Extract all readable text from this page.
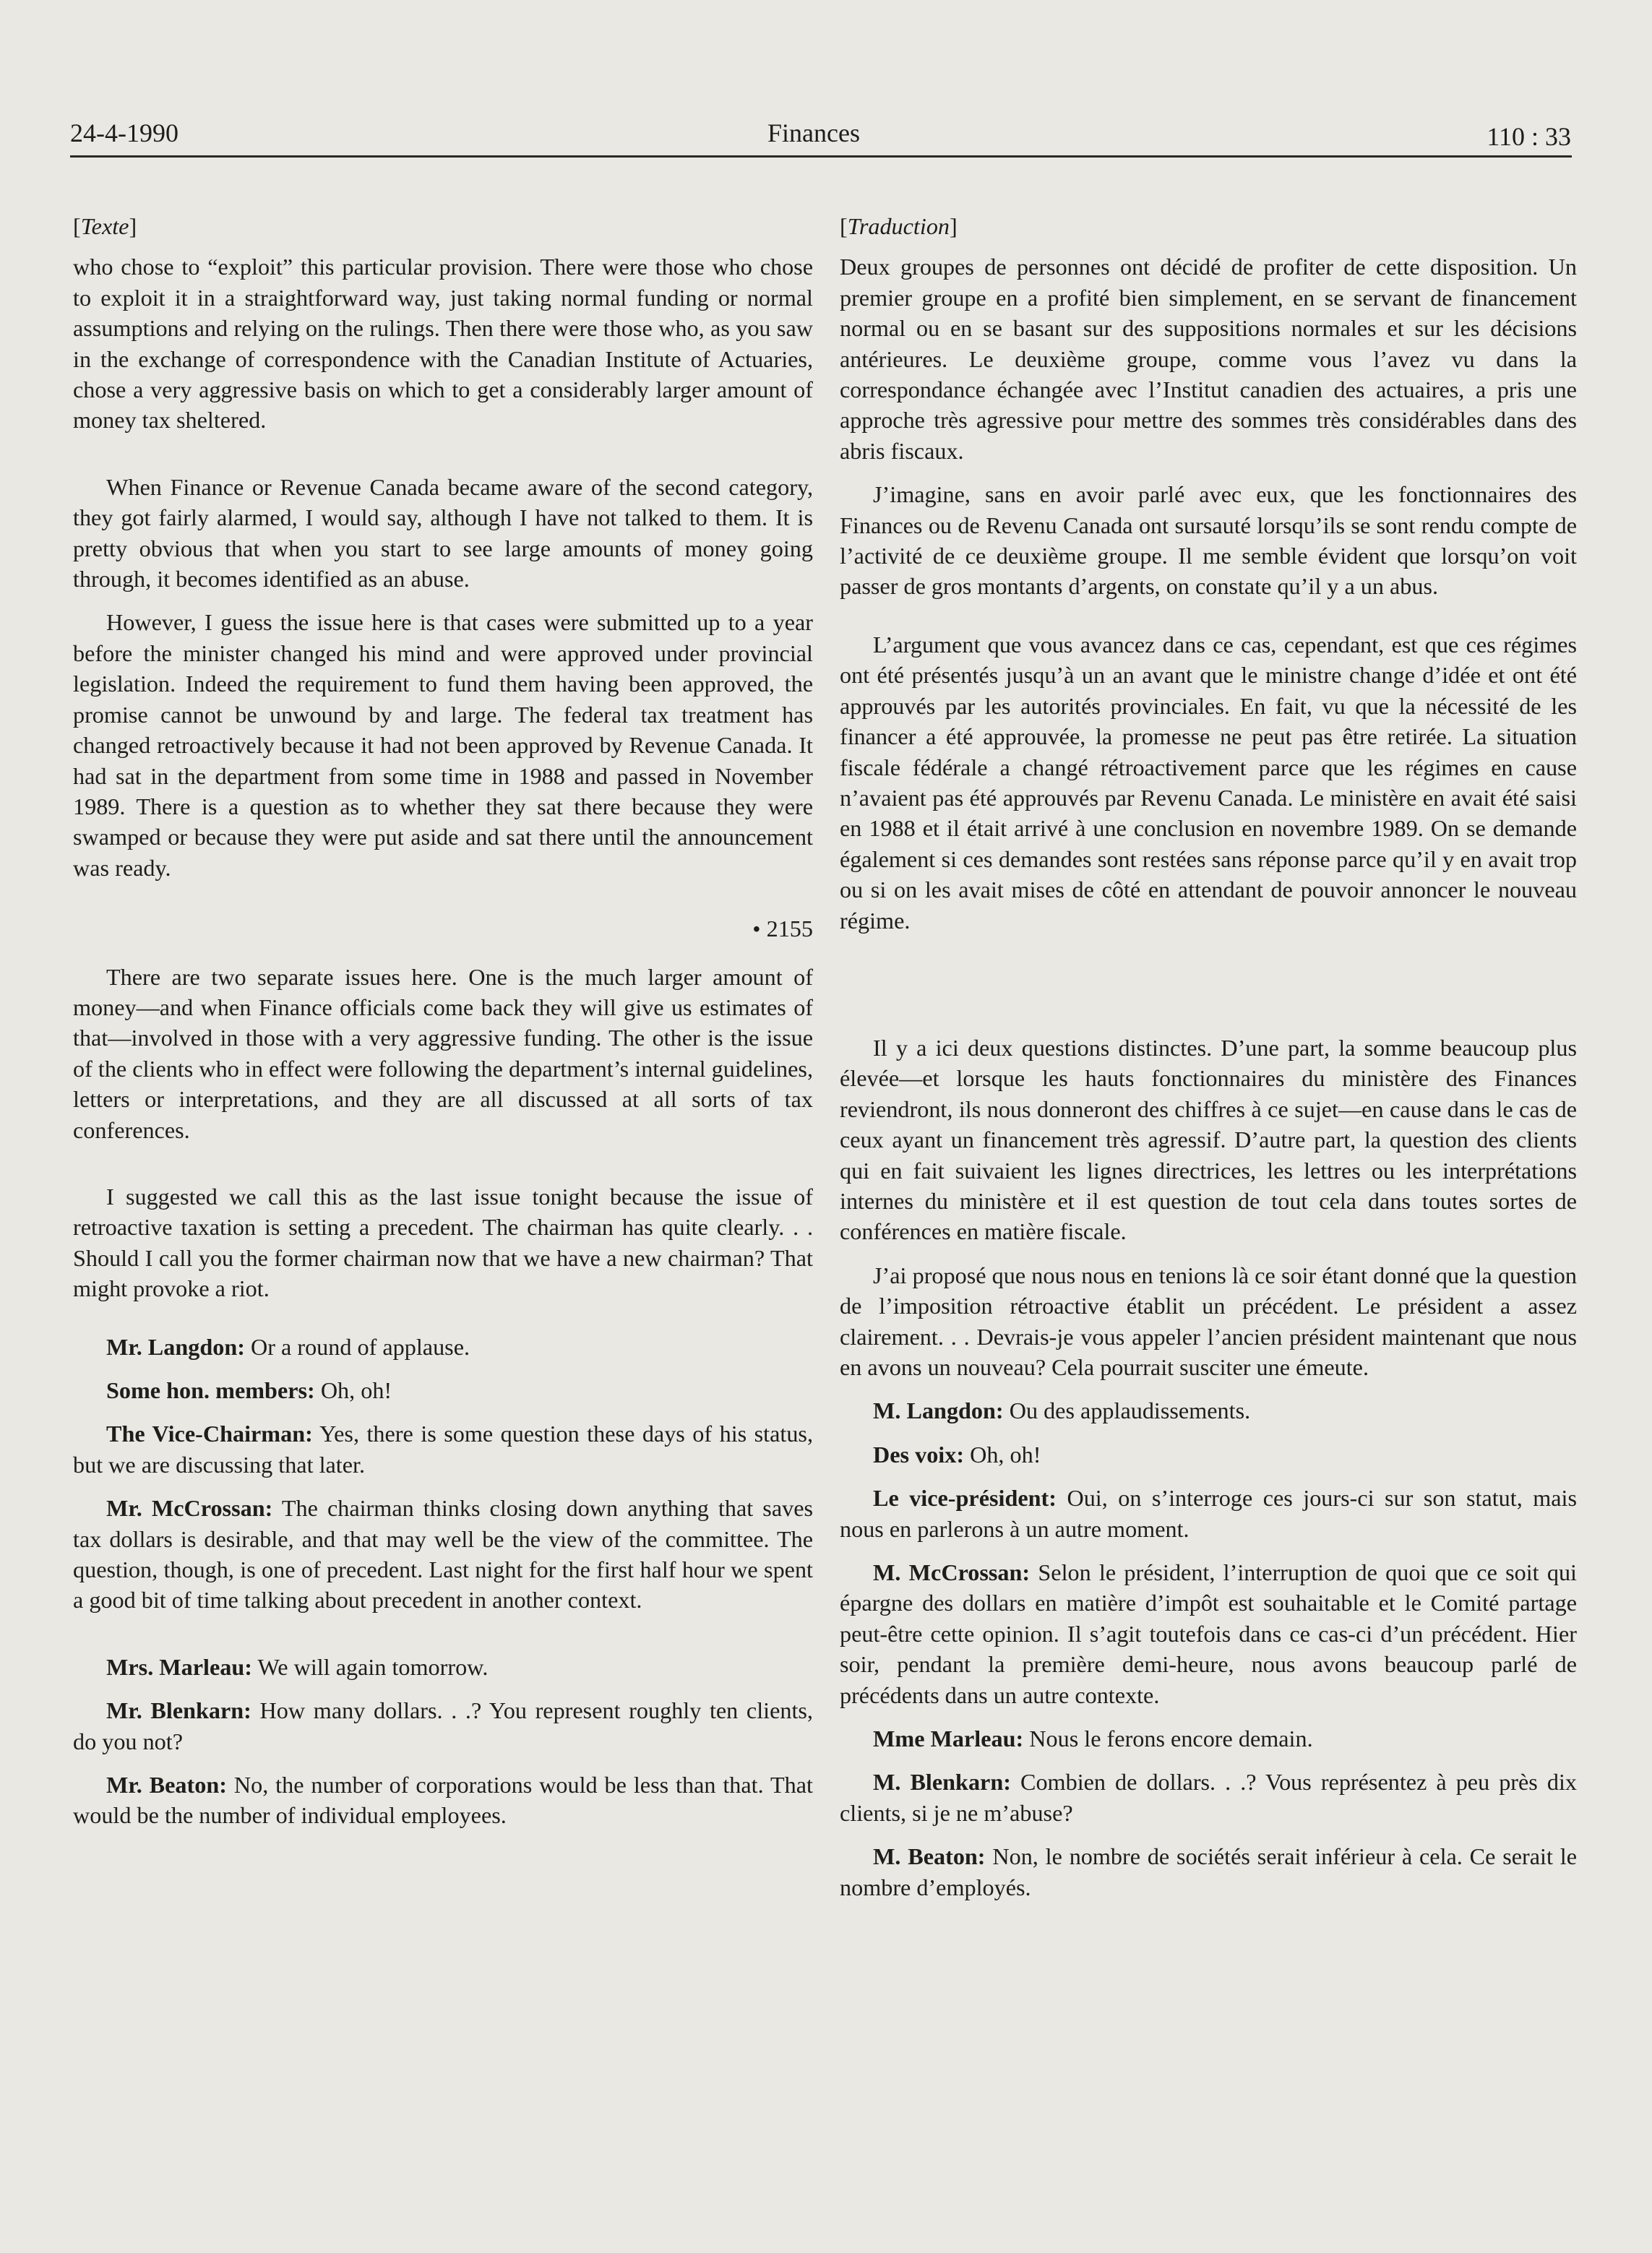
24-4-1990	Finances	110 : 33
[Texte]

who chose to “exploit” this particular provision. There were those who chose to exploit it in a straightforward way, just taking normal funding or normal assumptions and relying on the rulings. Then there were those who, as you saw in the exchange of correspondence with the Canadian Institute of Actuaries, chose a very aggressive basis on which to get a considerably larger amount of money tax sheltered.

When Finance or Revenue Canada became aware of the second category, they got fairly alarmed, I would say, although I have not talked to them. It is pretty obvious that when you start to see large amounts of money going through, it becomes identified as an abuse.

However, I guess the issue here is that cases were submitted up to a year before the minister changed his mind and were approved under provincial legislation. Indeed the requirement to fund them having been approved, the promise cannot be unwound by and large. The federal tax treatment has changed retroactively because it had not been approved by Revenue Canada. It had sat in the department from some time in 1988 and passed in November 1989. There is a question as to whether they sat there because they were swamped or because they were put aside and sat there until the announcement was ready.

• 2155

There are two separate issues here. One is the much larger amount of money—and when Finance officials come back they will give us estimates of that—involved in those with a very aggressive funding. The other is the issue of the clients who in effect were following the department’s internal guidelines, letters or interpretations, and they are all discussed at all sorts of tax conferences.

I suggested we call this as the last issue tonight because the issue of retroactive taxation is setting a precedent. The chairman has quite clearly. . . Should I call you the former chairman now that we have a new chairman? That might provoke a riot.

Mr. Langdon: Or a round of applause.

Some hon. members: Oh, oh!

The Vice-Chairman: Yes, there is some question these days of his status, but we are discussing that later.

Mr. McCrossan: The chairman thinks closing down anything that saves tax dollars is desirable, and that may well be the view of the committee. The question, though, is one of precedent. Last night for the first half hour we spent a good bit of time talking about precedent in another context.

Mrs. Marleau: We will again tomorrow.

Mr. Blenkarn: How many dollars. . .? You represent roughly ten clients, do you not?

Mr. Beaton: No, the number of corporations would be less than that. That would be the number of individual employees.

[Traduction]

Deux groupes de personnes ont décidé de profiter de cette disposition. Un premier groupe en a profité bien simplement, en se servant de financement normal ou en se basant sur des suppositions normales et sur les décisions antérieures. Le deuxième groupe, comme vous l’avez vu dans la correspondance échangée avec l’Institut canadien des actuaires, a pris une approche très agressive pour mettre des sommes très considérables dans des abris fiscaux.

J’imagine, sans en avoir parlé avec eux, que les fonctionnaires des Finances ou de Revenu Canada ont sursauté lorsqu’ils se sont rendu compte de l’activité de ce deuxième groupe. Il me semble évident que lorsqu’on voit passer de gros montants d’argents, on constate qu’il y a un abus.

L’argument que vous avancez dans ce cas, cependant, est que ces régimes ont été présentés jusqu’à un an avant que le ministre change d’idée et ont été approuvés par les autorités provinciales. En fait, vu que la nécessité de les financer a été approuvée, la promesse ne peut pas être retirée. La situation fiscale fédérale a changé rétroactivement parce que les régimes en cause n’avaient pas été approuvés par Revenu Canada. Le ministère en avait été saisi en 1988 et il était arrivé à une conclusion en novembre 1989. On se demande également si ces demandes sont restées sans réponse parce qu’il y en avait trop ou si on les avait mises de côté en attendant de pouvoir annoncer le nouveau régime.

Il y a ici deux questions distinctes. D’une part, la somme beaucoup plus élevée—et lorsque les hauts fonctionnaires du ministère des Finances reviendront, ils nous donneront des chiffres à ce sujet—en cause dans le cas de ceux ayant un financement très agressif. D’autre part, la question des clients qui en fait suivaient les lignes directrices, les lettres ou les interprétations internes du ministère et il est question de tout cela dans toutes sortes de conférences en matière fiscale.

J’ai proposé que nous nous en tenions là ce soir étant donné que la question de l’imposition rétroactive établit un précédent. Le président a assez clairement. . . Devrais-je vous appeler l’ancien président maintenant que nous en avons un nouveau? Cela pourrait susciter une émeute.

M. Langdon: Ou des applaudissements.

Des voix: Oh, oh!

Le vice-président: Oui, on s’interroge ces jours-ci sur son statut, mais nous en parlerons à un autre moment.

M. McCrossan: Selon le président, l’interruption de quoi que ce soit qui épargne des dollars en matière d’impôt est souhaitable et le Comité partage peut-être cette opinion. Il s’agit toutefois dans ce cas-ci d’un précédent. Hier soir, pendant la première demi-heure, nous avons beaucoup parlé de précédents dans un autre contexte.

Mme Marleau: Nous le ferons encore demain.

M. Blenkarn: Combien de dollars. . .? Vous représentez à peu près dix clients, si je ne m’abuse?

M. Beaton: Non, le nombre de sociétés serait inférieur à cela. Ce serait le nombre d’employés.
